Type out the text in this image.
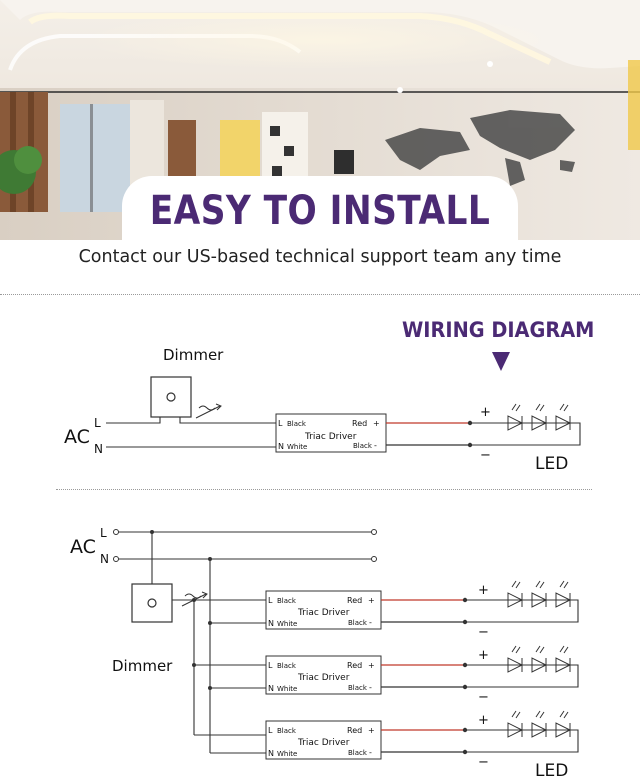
EASY TO INSTALL
Contact our US-based technical support team any time
WIRING DIAGRAM
Dimmer
AC
L
N
L
N
Black
White
Triac Driver
Red
Black
+
-
+
−	LED
AC
L
N
Dimmer
L
N
Black
White
Triac Driver
Red
Black
+
-
+
−
L
N
Black
White
Triac Driver
Red
Black
+
-
+
−
L
N
Black
White
Triac Driver
Red
Black
+
-
+
−	LED
